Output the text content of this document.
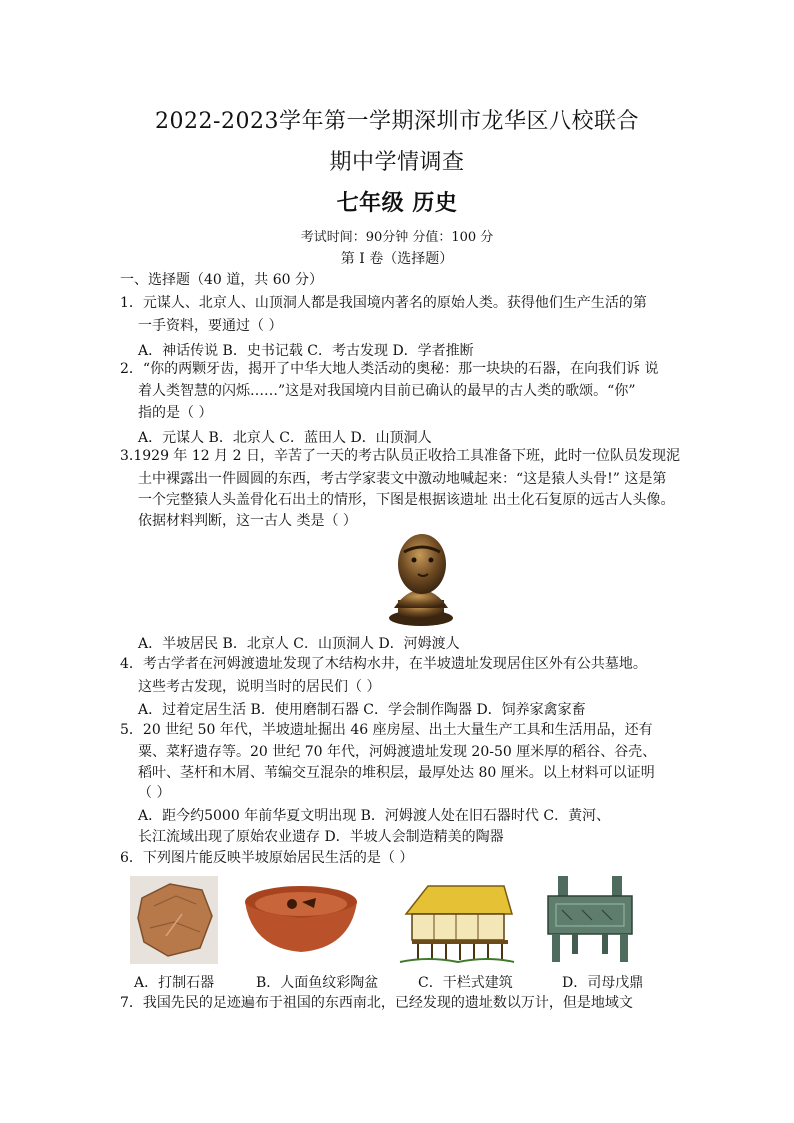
2022-2023学年第一学期深圳市龙华区八校联合
期中学情调查
七年级 历史
考试时间：90分钟 分值：100 分
第 I 卷（选择题）
一、选择题（40 道，共 60 分）
1．元谋人、北京人、山顶洞人都是我国境内著名的原始人类。获得他们生产生活的第
一手资料，要通过（ ）
A．神话传说 B．史书记载 C．考古发现 D．学者推断
2．“你的两颗牙齿，揭开了中华大地人类活动的奥秘：那一块块的石器，在向我们诉 说
着人类智慧的闪烁……”这是对我国境内目前已确认的最早的古人类的歌颂。“你”
指的是（ ）
A．元谋人 B．北京人 C．蓝田人 D．山顶洞人
3.1929 年 12 月 2 日，辛苦了一天的考古队员正收拾工具准备下班，此时一位队员发现泥
土中裸露出一件圆圆的东西，考古学家裴文中激动地喊起来：“这是猿人头骨!” 这是第
一个完整猿人头盖骨化石出土的情形，下图是根据该遗址 出土化石复原的远古人头像。
依据材料判断，这一古人 类是（ ）
A．半坡居民 B．北京人 C．山顶洞人 D．河姆渡人
4．考古学者在河姆渡遗址发现了木结构水井，在半坡遗址发现居住区外有公共墓地。
这些考古发现，说明当时的居民们（ ）
A．过着定居生活 B．使用磨制石器 C．学会制作陶器 D．饲养家禽家畜
5．20 世纪 50 年代，半坡遗址掘出 46 座房屋、出土大量生产工具和生活用品，还有
粟、菜籽遗存等。20 世纪 70 年代，河姆渡遗址发现 20-50 厘米厚的稻谷、谷壳、
稻叶、茎杆和木屑、苇编交互混杂的堆积层，最厚处达 80 厘米。以上材料可以证明
（ ）
A．距今约5000 年前华夏文明出现 B．河姆渡人处在旧石器时代 C．黄河、
长江流域出现了原始农业遗存 D．半坡人会制造精美的陶器
6．下列图片能反映半坡原始居民生活的是（ ）
A．打制石器	B．人面鱼纹彩陶盆	C．干栏式建筑	D．司母戊鼎
7．我国先民的足迹遍布于祖国的东西南北，已经发现的遗址数以万计，但是地域文
